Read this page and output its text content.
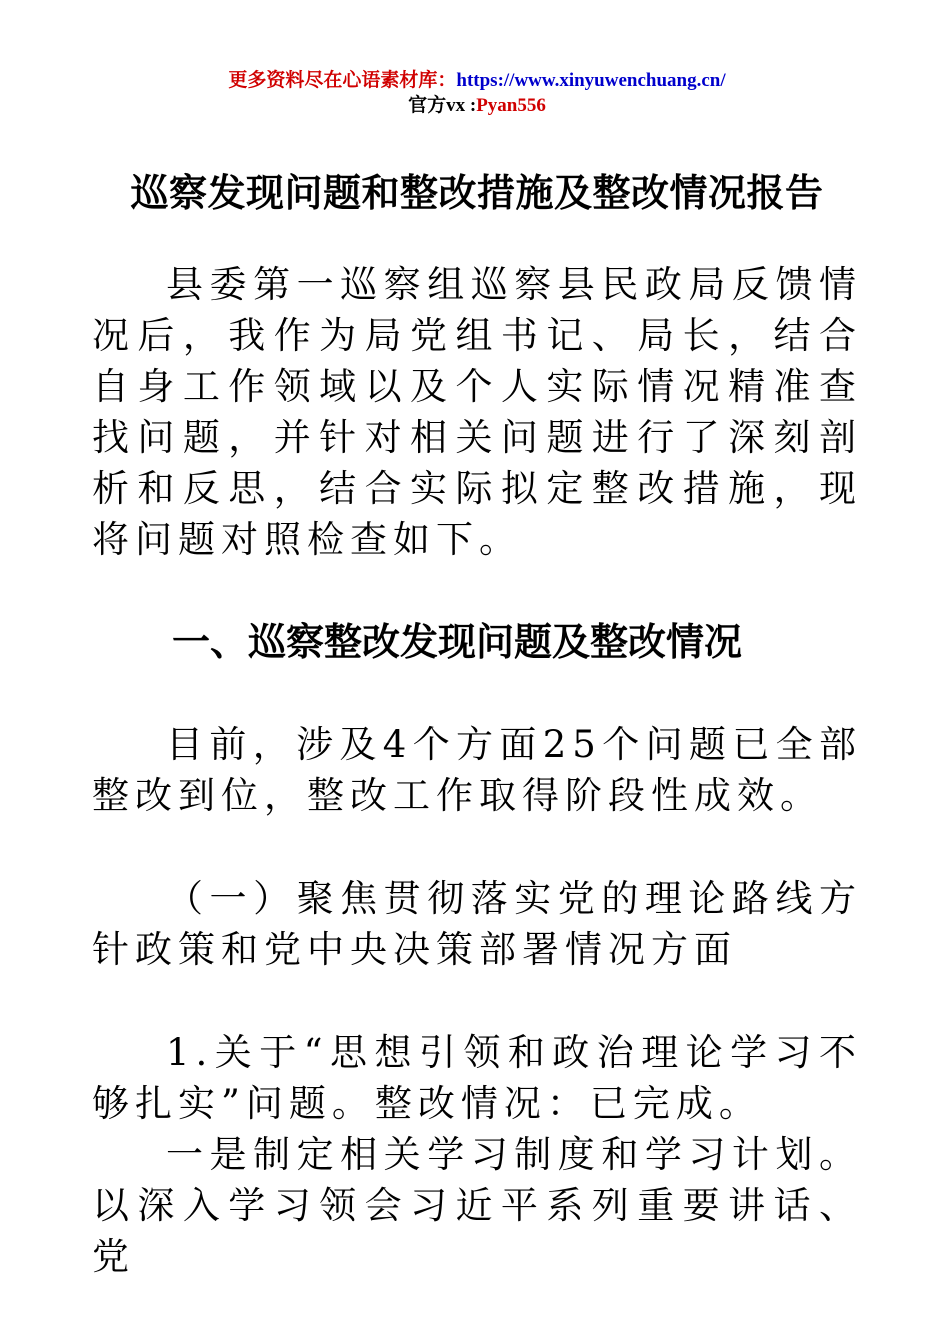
更多资料尽在心语素材库：https://www.xinyuwenchuang.cn/
官方vx :Pyan556
巡察发现问题和整改措施及整改情况报告

县委第一巡察组巡察县民政局反馈情况后，我作为局党组书记、局长，结合自身工作领域以及个人实际情况精准查找问题，并针对相关问题进行了深刻剖析和反思，结合实际拟定整改措施，现将问题对照检查如下。

一、巡察整改发现问题及整改情况

目前，涉及4个方面25个问题已全部整改到位，整改工作取得阶段性成效。

（一）聚焦贯彻落实党的理论路线方针政策和党中央决策部署情况方面

1.关于“思想引领和政治理论学习不够扎实”问题。整改情况：已完成。

一是制定相关学习制度和学习计划。以深入学习领会习近平系列重要讲话、党
